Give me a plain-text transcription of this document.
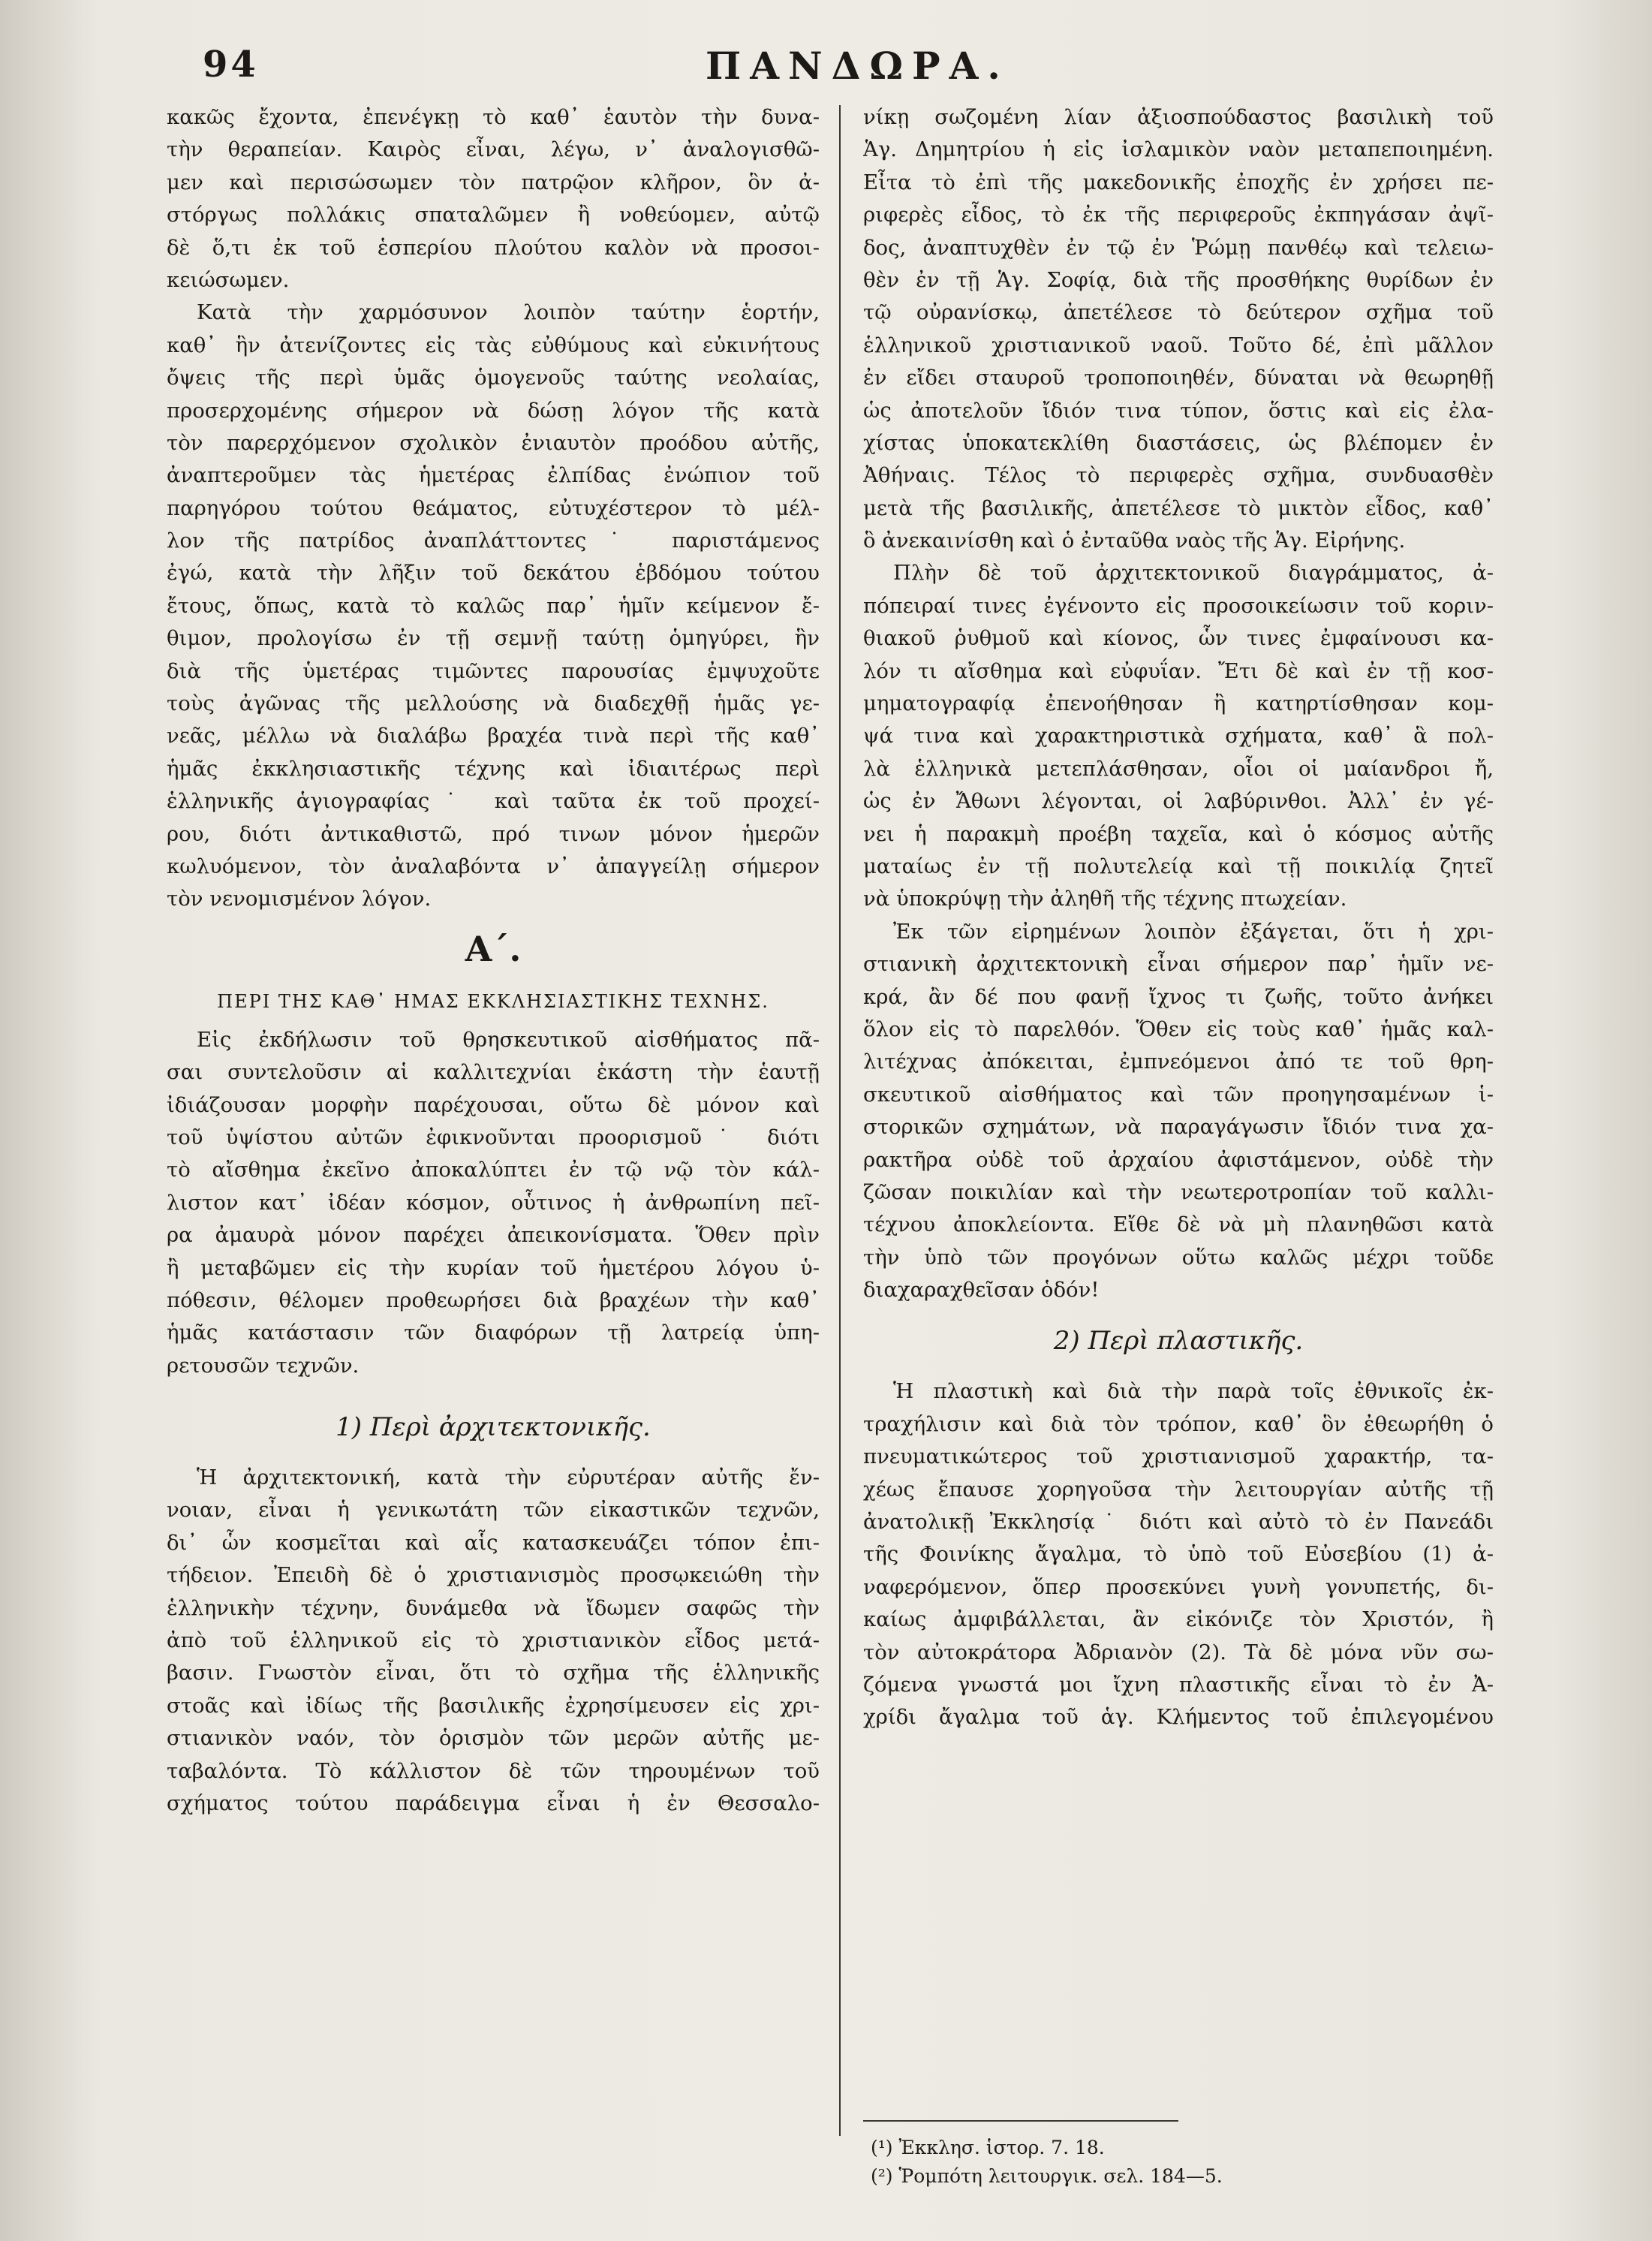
94	ΠΑΝΔΩΡΑ.
κακῶς ἔχοντα, ἐπενέγκῃ τὸ καθ᾽ ἑαυτὸν τὴν δυνα-
τὴν θεραπείαν. Καιρὸς εἶναι, λέγω, ν᾽ ἀναλογισθῶ-
μεν καὶ περισώσωμεν τὸν πατρῷον κλῆρον, ὃν ἀ-
στόργως πολλάκις σπαταλῶμεν ἢ νοθεύομεν, αὐτῷ
δὲ ὅ,τι ἐκ τοῦ ἑσπερίου πλούτου καλὸν νὰ προσοι-
κειώσωμεν.
Κατὰ τὴν χαρμόσυνον λοιπὸν ταύτην ἑορτήν,
καθ᾽ ἣν ἀτενίζοντες εἰς τὰς εὐθύμους καὶ εὐκινήτους
ὄψεις τῆς περὶ ὑμᾶς ὁμογενοῦς ταύτης νεολαίας,
προσερχομένης σήμερον νὰ δώσῃ λόγον τῆς κατὰ
τὸν παρερχόμενον σχολικὸν ἐνιαυτὸν προόδου αὐτῆς,
ἀναπτεροῦμεν τὰς ἡμετέρας ἐλπίδας ἐνώπιον τοῦ
παρηγόρου τούτου θεάματος, εὐτυχέστερον τὸ μέλ-
λον τῆς πατρίδος ἀναπλάττοντες˙ παριστάμενος
ἐγώ, κατὰ τὴν λῆξιν τοῦ δεκάτου ἑβδόμου τούτου
ἔτους, ὅπως, κατὰ τὸ καλῶς παρ᾽ ἡμῖν κείμενον ἔ-
θιμον, προλογίσω ἐν τῇ σεμνῇ ταύτῃ ὁμηγύρει, ἣν
διὰ τῆς ὑμετέρας τιμῶντες παρουσίας ἐμψυχοῦτε
τοὺς ἀγῶνας τῆς μελλούσης νὰ διαδεχθῇ ἡμᾶς γε-
νεᾶς, μέλλω νὰ διαλάβω βραχέα τινὰ περὶ τῆς καθ᾽
ἡμᾶς ἐκκλησιαστικῆς τέχνης καὶ ἰδιαιτέρως περὶ
ἑλληνικῆς ἁγιογραφίας˙ καὶ ταῦτα ἐκ τοῦ προχεί-
ρου, διότι ἀντικαθιστῶ, πρό τινων μόνον ἡμερῶν
κωλυόμενον, τὸν ἀναλαβόντα ν᾽ ἀπαγγείλῃ σήμερον
τὸν νενομισμένον λόγον.
Α΄.
ΠΕΡΙ ΤΗΣ ΚΑΘ᾽ ΗΜΑΣ ΕΚΚΛΗΣΙΑΣΤΙΚΗΣ ΤΕΧΝΗΣ.
Εἰς ἐκδήλωσιν τοῦ θρησκευτικοῦ αἰσθήματος πᾶ-
σαι συντελοῦσιν αἱ καλλιτεχνίαι ἑκάστη τὴν ἑαυτῇ
ἰδιάζουσαν μορφὴν παρέχουσαι, οὕτω δὲ μόνον καὶ
τοῦ ὑψίστου αὐτῶν ἐφικνοῦνται προορισμοῦ˙ διότι
τὸ αἴσθημα ἐκεῖνο ἀποκαλύπτει ἐν τῷ νῷ τὸν κάλ-
λιστον κατ᾽ ἰδέαν κόσμον, οὗτινος ἡ ἀνθρωπίνη πεῖ-
ρα ἀμαυρὰ μόνον παρέχει ἀπεικονίσματα. Ὅθεν πρὶν
ἢ μεταβῶμεν εἰς τὴν κυρίαν τοῦ ἡμετέρου λόγου ὑ-
πόθεσιν, θέλομεν προθεωρήσει διὰ βραχέων τὴν καθ᾽
ἡμᾶς κατάστασιν τῶν διαφόρων τῇ λατρείᾳ ὑπη-
ρετουσῶν τεχνῶν.
1) Περὶ ἀρχιτεκτονικῆς.
Ἡ ἀρχιτεκτονική, κατὰ τὴν εὐρυτέραν αὐτῆς ἔν-
νοιαν, εἶναι ἡ γενικωτάτη τῶν εἰκαστικῶν τεχνῶν,
δι᾽ ὧν κοσμεῖται καὶ αἷς κατασκευάζει τόπον ἐπι-
τήδειον. Ἐπειδὴ δὲ ὁ χριστιανισμὸς προσῳκειώθη τὴν
ἑλληνικὴν τέχνην, δυνάμεθα νὰ ἴδωμεν σαφῶς τὴν
ἀπὸ τοῦ ἑλληνικοῦ εἰς τὸ χριστιανικὸν εἶδος μετά-
βασιν. Γνωστὸν εἶναι, ὅτι τὸ σχῆμα τῆς ἑλληνικῆς
στοᾶς καὶ ἰδίως τῆς βασιλικῆς ἐχρησίμευσεν εἰς χρι-
στιανικὸν ναόν, τὸν ὁρισμὸν τῶν μερῶν αὐτῆς με-
ταβαλόντα. Τὸ κάλλιστον δὲ τῶν τηρουμένων τοῦ
σχήματος τούτου παράδειγμα εἶναι ἡ ἐν Θεσσαλο-
νίκῃ σωζομένη λίαν ἀξιοσπούδαστος βασιλικὴ τοῦ
Ἁγ. Δημητρίου ἡ εἰς ἰσλαμικὸν ναὸν μεταπεποιημένη.
Εἶτα τὸ ἐπὶ τῆς μακεδονικῆς ἐποχῆς ἐν χρήσει πε-
ριφερὲς εἶδος, τὸ ἐκ τῆς περιφεροῦς ἐκπηγάσαν ἀψῖ-
δος, ἀναπτυχθὲν ἐν τῷ ἐν Ῥώμῃ πανθέῳ καὶ τελειω-
θὲν ἐν τῇ Ἁγ. Σοφίᾳ, διὰ τῆς προσθήκης θυρίδων ἐν
τῷ οὐρανίσκῳ, ἀπετέλεσε τὸ δεύτερον σχῆμα τοῦ
ἑλληνικοῦ χριστιανικοῦ ναοῦ. Τοῦτο δέ, ἐπὶ μᾶλλον
ἐν εἴδει σταυροῦ τροποποιηθέν, δύναται νὰ θεωρηθῇ
ὡς ἀποτελοῦν ἴδιόν τινα τύπον, ὅστις καὶ εἰς ἐλα-
χίστας ὑποκατεκλίθη διαστάσεις, ὡς βλέπομεν ἐν
Ἀθήναις. Τέλος τὸ περιφερὲς σχῆμα, συνδυασθὲν
μετὰ τῆς βασιλικῆς, ἀπετέλεσε τὸ μικτὸν εἶδος, καθ᾽
ὃ ἀνεκαινίσθη καὶ ὁ ἐνταῦθα ναὸς τῆς Ἁγ. Εἰρήνης.
Πλὴν δὲ τοῦ ἀρχιτεκτονικοῦ διαγράμματος, ἀ-
πόπειραί τινες ἐγένοντο εἰς προσοικείωσιν τοῦ κοριν-
θιακοῦ ῥυθμοῦ καὶ κίονος, ὧν τινες ἐμφαίνουσι κα-
λόν τι αἴσθημα καὶ εὐφυΐαν. Ἔτι δὲ καὶ ἐν τῇ κοσ-
μηματογραφίᾳ ἐπενοήθησαν ἢ κατηρτίσθησαν κομ-
ψά τινα καὶ χαρακτηριστικὰ σχήματα, καθ᾽ ἃ πολ-
λὰ ἑλληνικὰ μετεπλάσθησαν, οἷοι οἱ μαίανδροι ἤ,
ὡς ἐν Ἄθωνι λέγονται, οἱ λαβύρινθοι. Ἀλλ᾽ ἐν γέ-
νει ἡ παρακμὴ προέβη ταχεῖα, καὶ ὁ κόσμος αὐτῆς
ματαίως ἐν τῇ πολυτελείᾳ καὶ τῇ ποικιλίᾳ ζητεῖ
νὰ ὑποκρύψῃ τὴν ἀληθῆ τῆς τέχνης πτωχείαν.
Ἐκ τῶν εἰρημένων λοιπὸν ἐξάγεται, ὅτι ἡ χρι-
στιανικὴ ἀρχιτεκτονικὴ εἶναι σήμερον παρ᾽ ἡμῖν νε-
κρά, ἂν δέ που φανῇ ἴχνος τι ζωῆς, τοῦτο ἀνήκει
ὅλον εἰς τὸ παρελθόν. Ὅθεν εἰς τοὺς καθ᾽ ἡμᾶς καλ-
λιτέχνας ἀπόκειται, ἐμπνεόμενοι ἀπό τε τοῦ θρη-
σκευτικοῦ αἰσθήματος καὶ τῶν προηγησαμένων ἱ-
στορικῶν σχημάτων, νὰ παραγάγωσιν ἴδιόν τινα χα-
ρακτῆρα οὐδὲ τοῦ ἀρχαίου ἀφιστάμενον, οὐδὲ τὴν
ζῶσαν ποικιλίαν καὶ τὴν νεωτεροτροπίαν τοῦ καλλι-
τέχνου ἀποκλείοντα. Εἴθε δὲ νὰ μὴ πλανηθῶσι κατὰ
τὴν ὑπὸ τῶν προγόνων οὕτω καλῶς μέχρι τοῦδε
διαχαραχθεῖσαν ὁδόν!
2) Περὶ πλαστικῆς.
Ἡ πλαστικὴ καὶ διὰ τὴν παρὰ τοῖς ἐθνικοῖς ἐκ-
τραχήλισιν καὶ διὰ τὸν τρόπον, καθ᾽ ὃν ἐθεωρήθη ὁ
πνευματικώτερος τοῦ χριστιανισμοῦ χαρακτήρ, τα-
χέως ἔπαυσε χορηγοῦσα τὴν λειτουργίαν αὐτῆς τῇ
ἀνατολικῇ Ἐκκλησίᾳ˙ διότι καὶ αὐτὸ τὸ ἐν Πανεάδι
τῆς Φοινίκης ἄγαλμα, τὸ ὑπὸ τοῦ Εὐσεβίου (1) ἀ-
ναφερόμενον, ὅπερ προσεκύνει γυνὴ γονυπετής, δι-
καίως ἀμφιβάλλεται, ἂν εἰκόνιζε τὸν Χριστόν, ἢ
τὸν αὐτοκράτορα Ἀδριανὸν (2). Τὰ δὲ μόνα νῦν σω-
ζόμενα γνωστά μοι ἴχνη πλαστικῆς εἶναι τὸ ἐν Ἀ-
χρίδι ἄγαλμα τοῦ ἁγ. Κλήμεντος τοῦ ἐπιλεγομένου
(¹) Ἐκκλησ. ἱστορ. 7. 18.
(²) Ῥομπότη λειτουργικ. σελ. 184—5.
